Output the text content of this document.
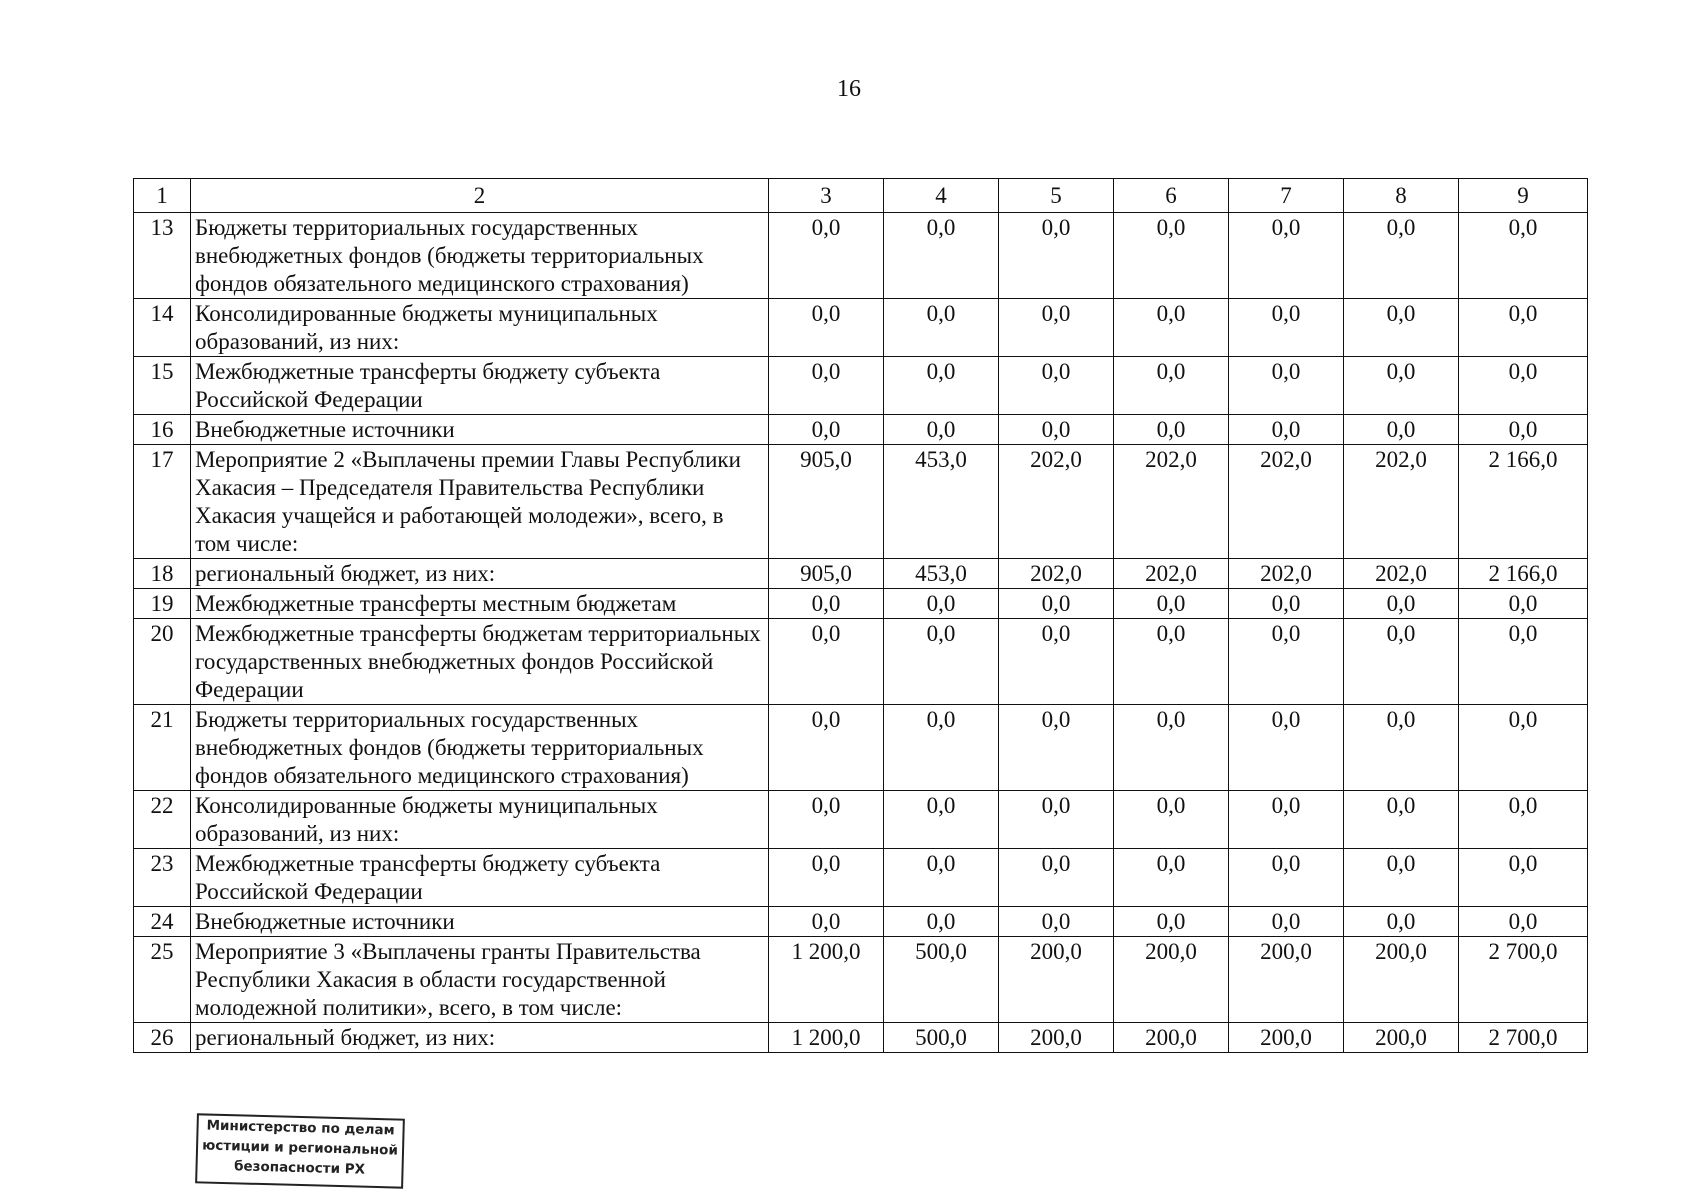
16
1	2	3	4	5	6	7	8	9
13	Бюджеты территориальных государственных внебюджетных фондов (бюджеты территориальных фондов обязательного медицинского страхования)	0,0	0,0	0,0	0,0	0,0	0,0	0,0
14	Консолидированные бюджеты муниципальных образований, из них:	0,0	0,0	0,0	0,0	0,0	0,0	0,0
15	Межбюджетные трансферты бюджету субъекта Российской Федерации	0,0	0,0	0,0	0,0	0,0	0,0	0,0
16	Внебюджетные источники	0,0	0,0	0,0	0,0	0,0	0,0	0,0
17	Мероприятие 2 «Выплачены премии Главы Республики Хакасия – Председателя Правительства Республики Хакасия учащейся и работающей молодежи», всего, в том числе:	905,0	453,0	202,0	202,0	202,0	202,0	2 166,0
18	региональный бюджет, из них:	905,0	453,0	202,0	202,0	202,0	202,0	2 166,0
19	Межбюджетные трансферты местным бюджетам	0,0	0,0	0,0	0,0	0,0	0,0	0,0
20	Межбюджетные трансферты бюджетам территориальных государственных внебюджетных фондов Российской Федерации	0,0	0,0	0,0	0,0	0,0	0,0	0,0
21	Бюджеты территориальных государственных внебюджетных фондов (бюджеты территориальных фондов обязательного медицинского страхования)	0,0	0,0	0,0	0,0	0,0	0,0	0,0
22	Консолидированные бюджеты муниципальных образований, из них:	0,0	0,0	0,0	0,0	0,0	0,0	0,0
23	Межбюджетные трансферты бюджету субъекта Российской Федерации	0,0	0,0	0,0	0,0	0,0	0,0	0,0
24	Внебюджетные источники	0,0	0,0	0,0	0,0	0,0	0,0	0,0
25	Мероприятие 3 «Выплачены гранты Правительства Республики Хакасия в области государственной молодежной политики», всего, в том числе:	1 200,0	500,0	200,0	200,0	200,0	200,0	2 700,0
26	региональный бюджет, из них:	1 200,0	500,0	200,0	200,0	200,0	200,0	2 700,0
Министерство по делам
юстиции и региональной
безопасности РХ
